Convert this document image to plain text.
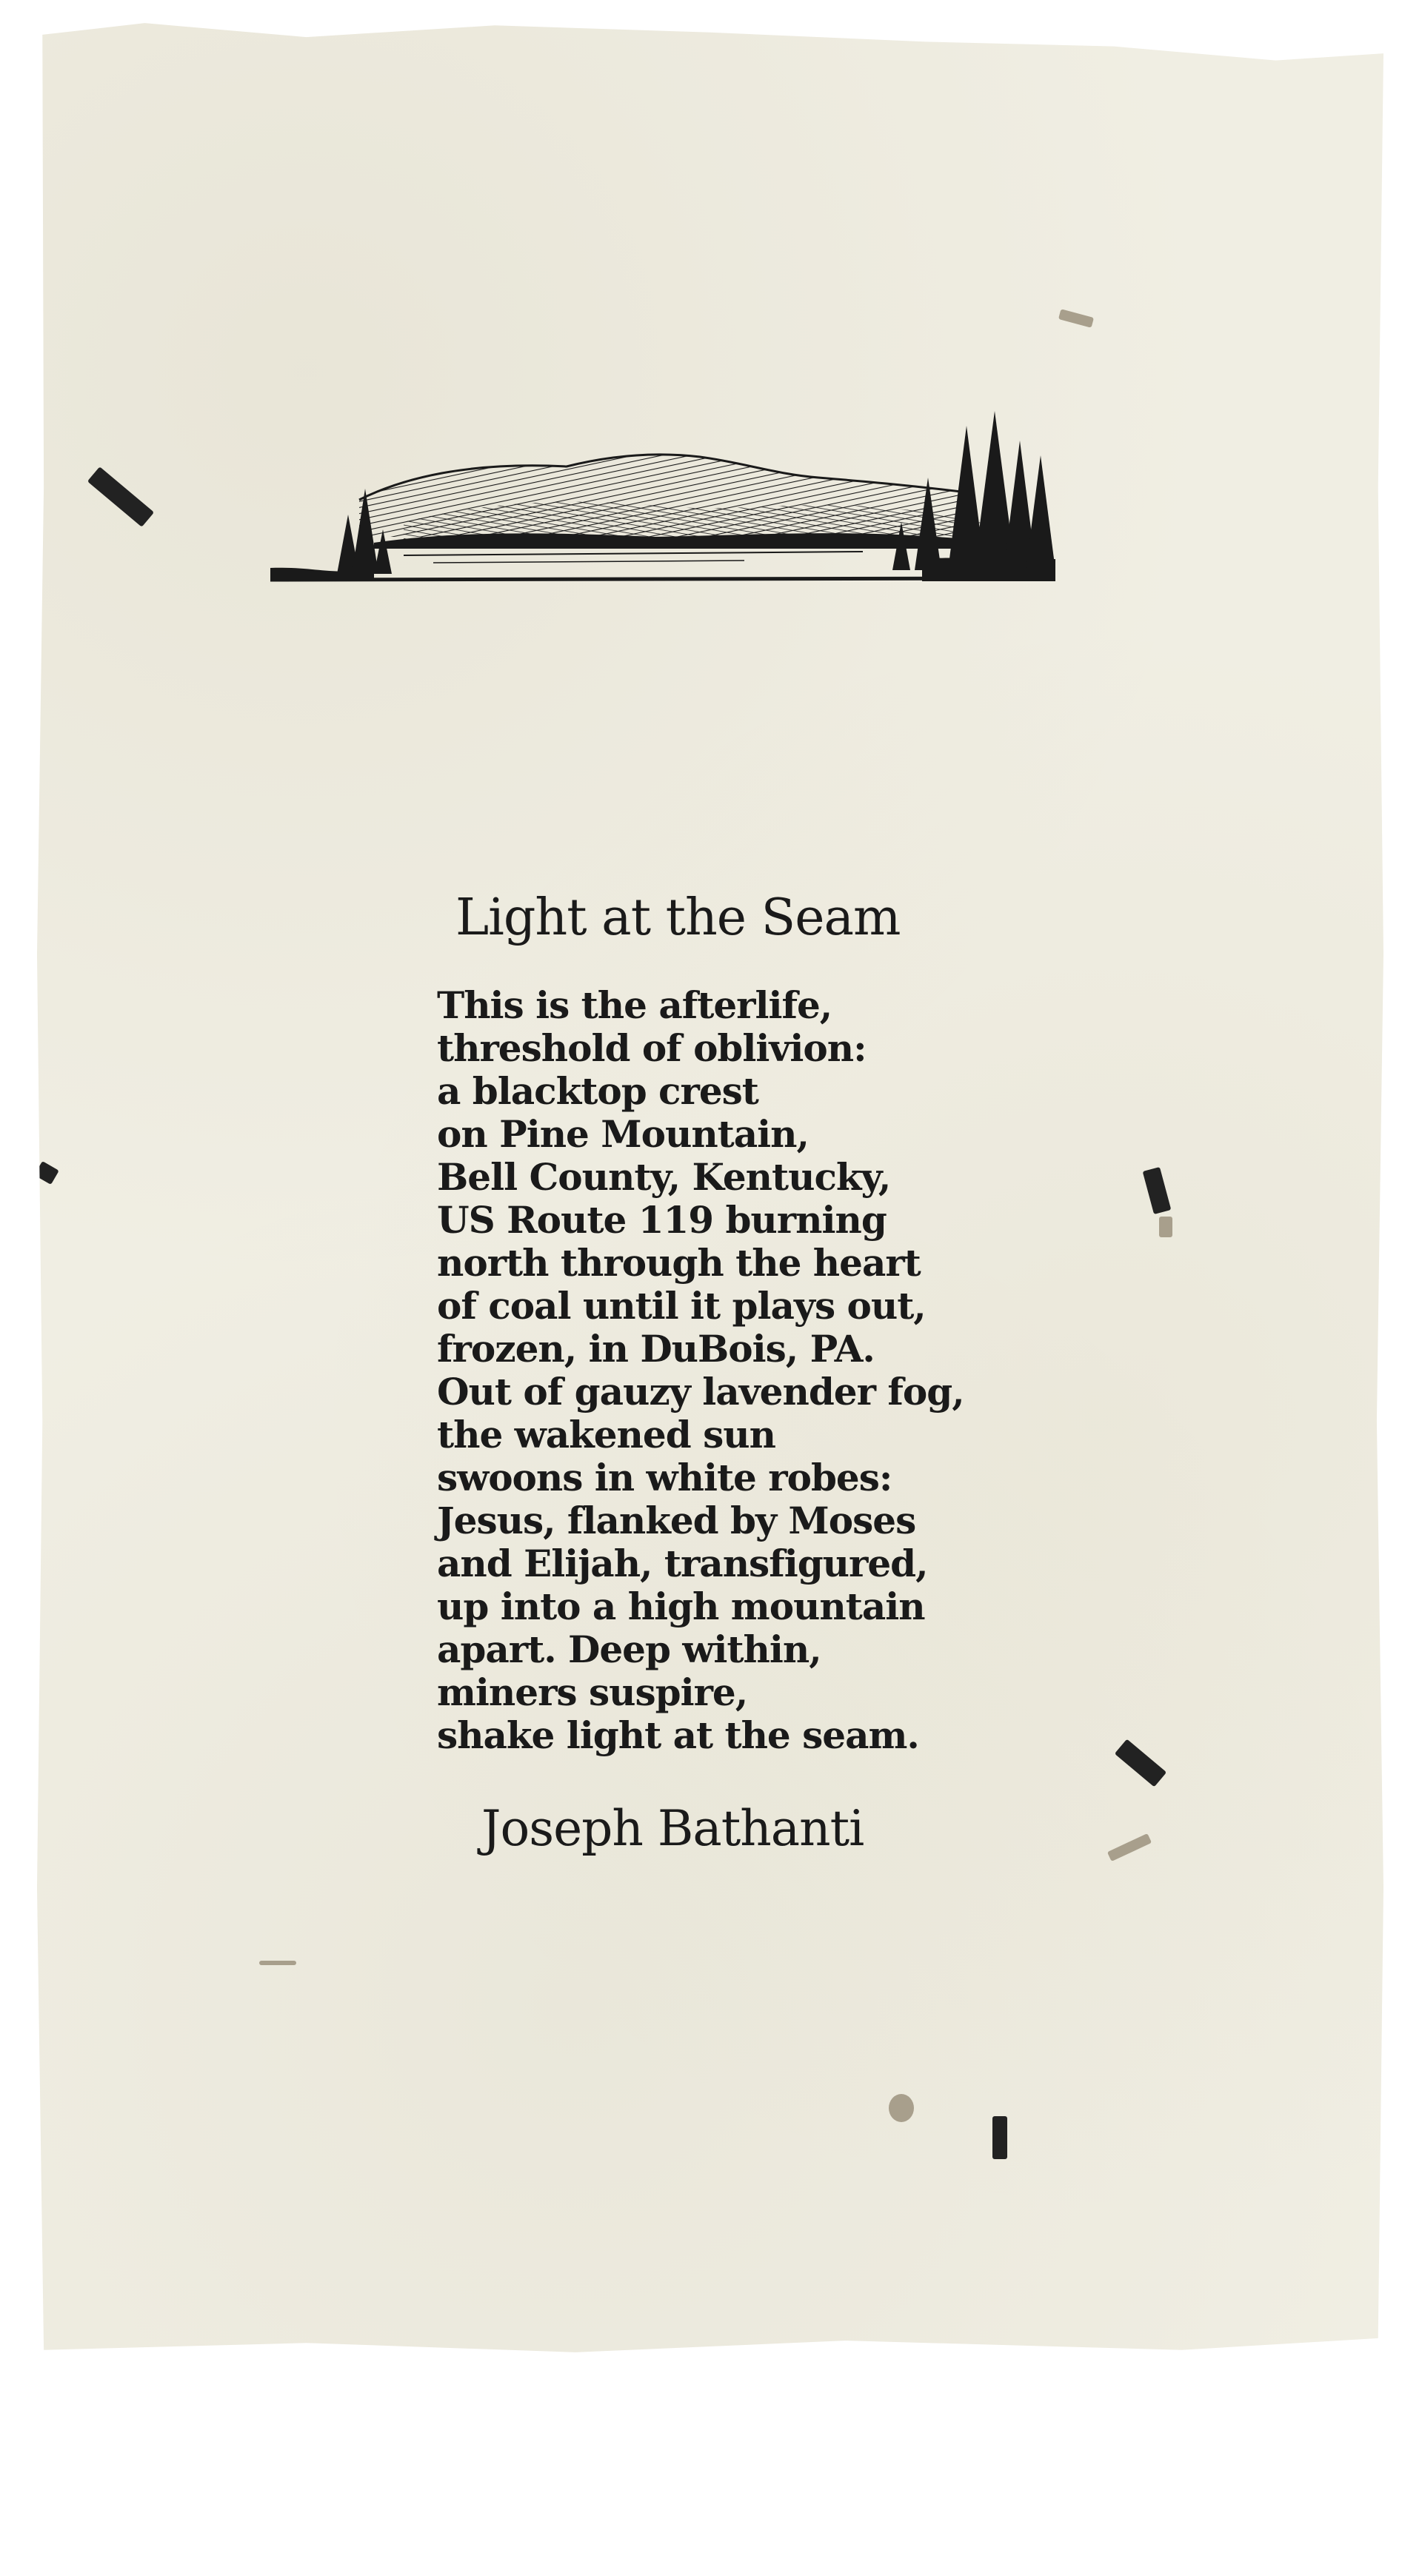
Light at the Seam
This is the afterlife,
threshold of oblivion:
a blacktop crest
on Pine Mountain,
Bell County, Kentucky,
US Route 119 burning
north through the heart
of coal until it plays out,
frozen, in DuBois, PA.
Out of gauzy lavender fog,
the wakened sun
swoons in white robes:
Jesus, flanked by Moses
and Elijah, transfigured,
up into a high mountain
apart. Deep within,
miners suspire,
shake light at the seam.
Joseph Bathanti
